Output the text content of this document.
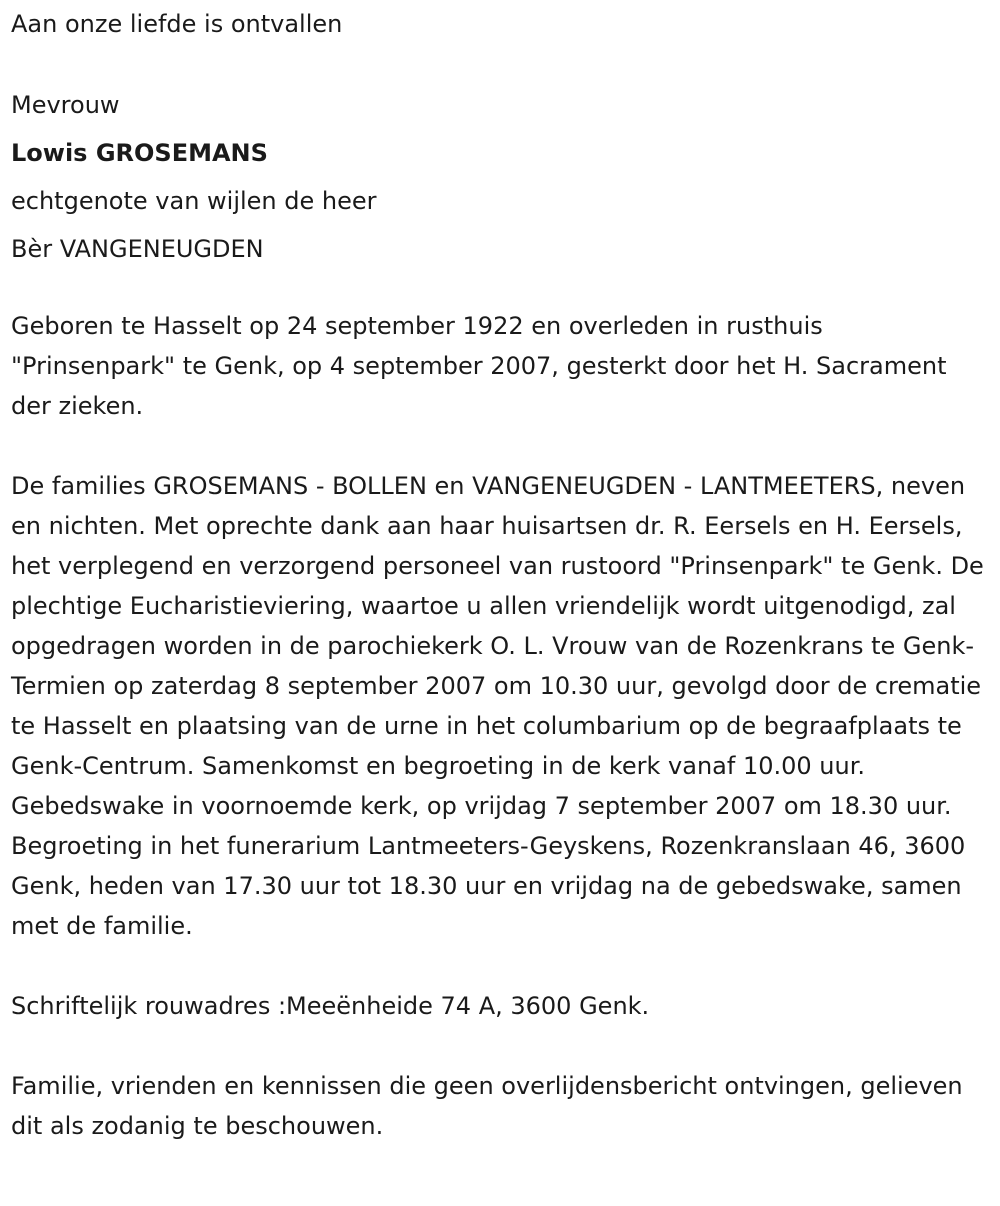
Aan onze liefde is ontvallen

Mevrouw

Lowis GROSEMANS

echtgenote van wijlen de heer

Bèr VANGENEUGDEN

Geboren te Hasselt op 24 september 1922 en overleden in rusthuis "Prinsenpark" te Genk, op 4 september 2007, gesterkt door het H. Sacrament der zieken.

De families GROSEMANS - BOLLEN en VANGENEUGDEN - LANTMEETERS, neven en nichten. Met oprechte dank aan haar huisartsen dr. R. Eersels en H. Eersels, het verplegend en verzorgend personeel van rustoord "Prinsenpark" te Genk. De plechtige Eucharistieviering, waartoe u allen vriendelijk wordt uitgenodigd, zal opgedragen worden in de parochiekerk O. L. Vrouw van de Rozenkrans te Genk-Termien op zaterdag 8 september 2007 om 10.30 uur, gevolgd door de crematie te Hasselt en plaatsing van de urne in het columbarium op de begraafplaats te Genk-Centrum. Samenkomst en begroeting in de kerk vanaf 10.00 uur. Gebedswake in voornoemde kerk, op vrijdag 7 september 2007 om 18.30 uur. Begroeting in het funerarium Lantmeeters-Geyskens, Rozenkranslaan 46, 3600 Genk, heden van 17.30 uur tot 18.30 uur en vrijdag na de gebedswake, samen met de familie.

Schriftelijk rouwadres :Meeënheide 74 A, 3600 Genk.

Familie, vrienden en kennissen die geen overlijdensbericht ontvingen, gelieven dit als zodanig te beschouwen.
